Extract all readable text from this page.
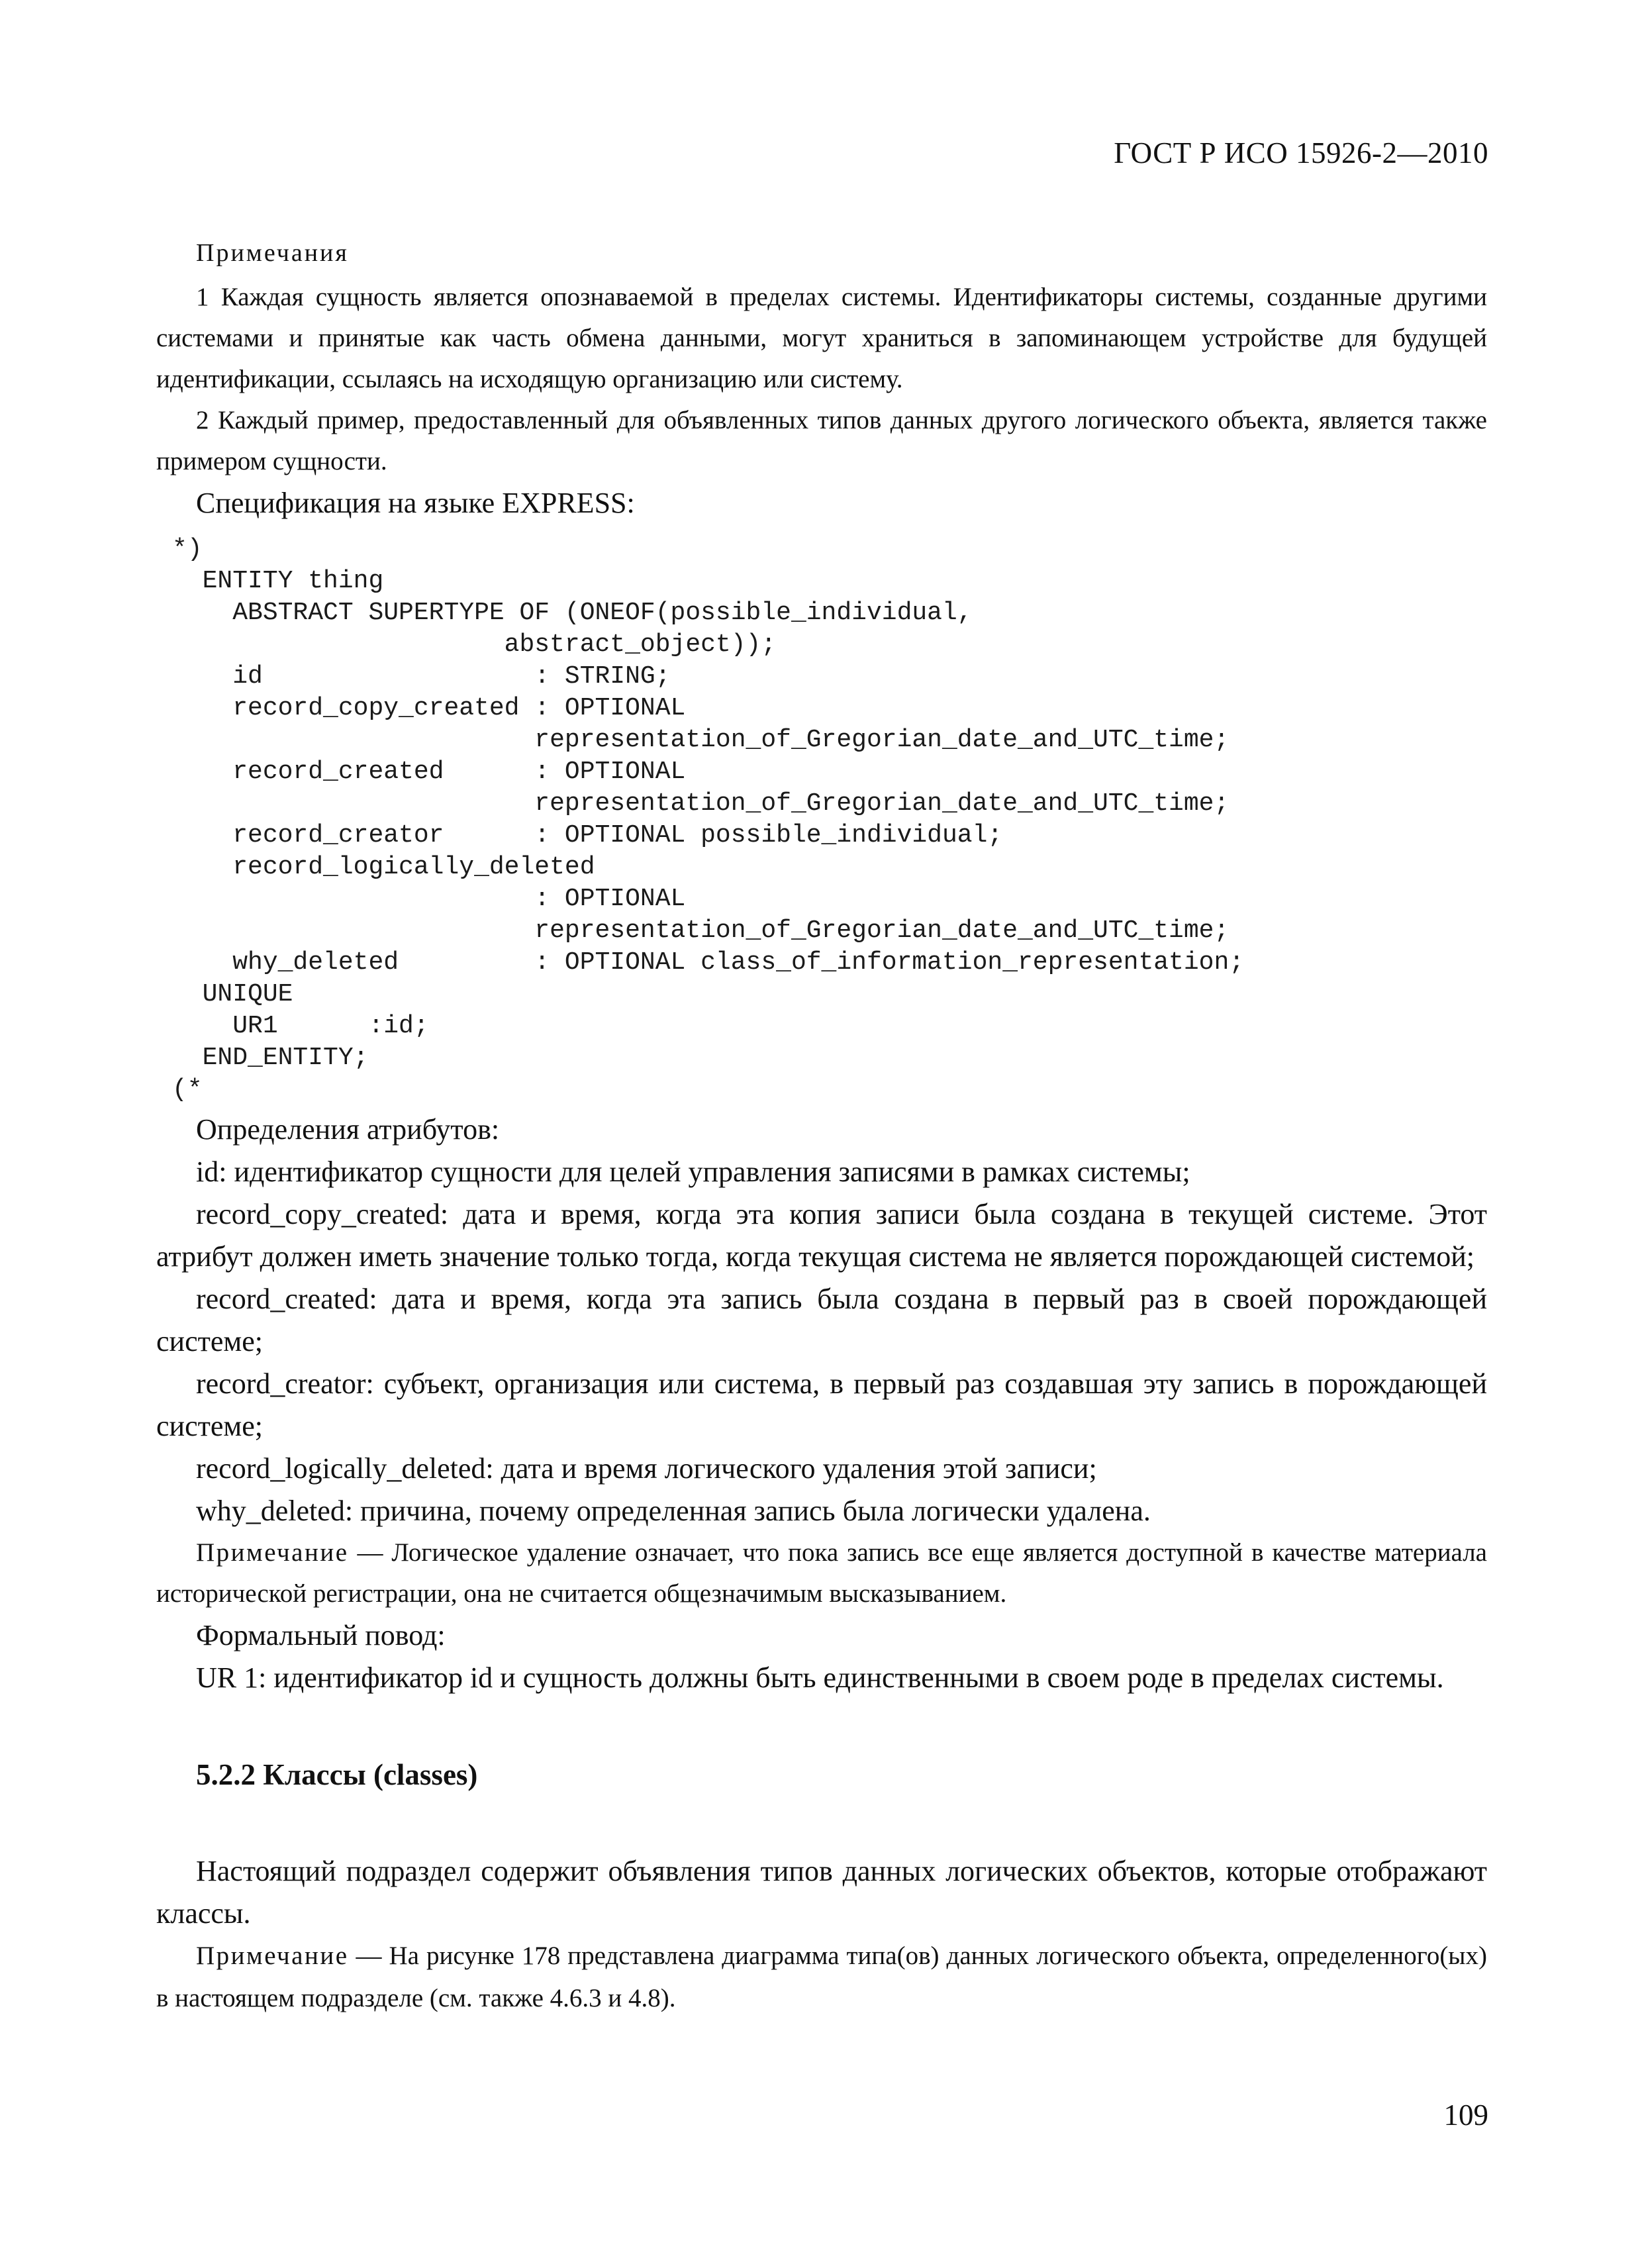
ГОСТ Р ИСО 15926-2—2010
Примечания

1 Каждая сущность является опознаваемой в пределах системы. Идентификаторы системы, созданные другими системами и принятые как часть обмена данными, могут храниться в запоминающем устройстве для будущей идентификации, ссылаясь на исходящую организацию или систему.

2 Каждый пример, предоставленный для объявленных типов данных другого логического объекта, является также примером сущности.

Спецификация на языке EXPRESS:

*)
ENTITY thing
ABSTRACT SUPERTYPE OF (ONEOF(possible_individual,
abstract_object));
id                  : STRING;
record_copy_created : OPTIONAL
representation_of_Gregorian_date_and_UTC_time;
record_created      : OPTIONAL
representation_of_Gregorian_date_and_UTC_time;
record_creator      : OPTIONAL possible_individual;
record_logically_deleted
: OPTIONAL
representation_of_Gregorian_date_and_UTC_time;
why_deleted         : OPTIONAL class_of_information_representation;
UNIQUE
UR1      :id;
END_ENTITY;
(*

Определения атрибутов:

id: идентификатор сущности для целей управления записями в рамках системы;

record_copy_created: дата и время, когда эта копия записи была создана в текущей системе. Этот атрибут должен иметь значение только тогда, когда текущая система не является порождающей системой;

record_created: дата и время, когда эта запись была создана в первый раз в своей порождающей системе;

record_creator: субъект, организация или система, в первый раз создавшая эту запись в порождающей системе;

record_logically_deleted: дата и время логического удаления этой записи;

why_deleted: причина, почему определенная запись была логически удалена.

Примечание — Логическое удаление означает, что пока запись все еще является доступной в качестве материала исторической регистрации, она не считается общезначимым высказыванием.

Формальный повод:

UR 1: идентификатор id и сущность должны быть единственными в своем роде в пределах системы.

5.2.2 Классы (classes)

Настоящий подраздел содержит объявления типов данных логических объектов, которые отображают классы.

Примечание — На рисунке 178 представлена диаграмма типа(ов) данных логического объекта, определенного(ых) в настоящем подразделе (см. также 4.6.3 и 4.8).

109
